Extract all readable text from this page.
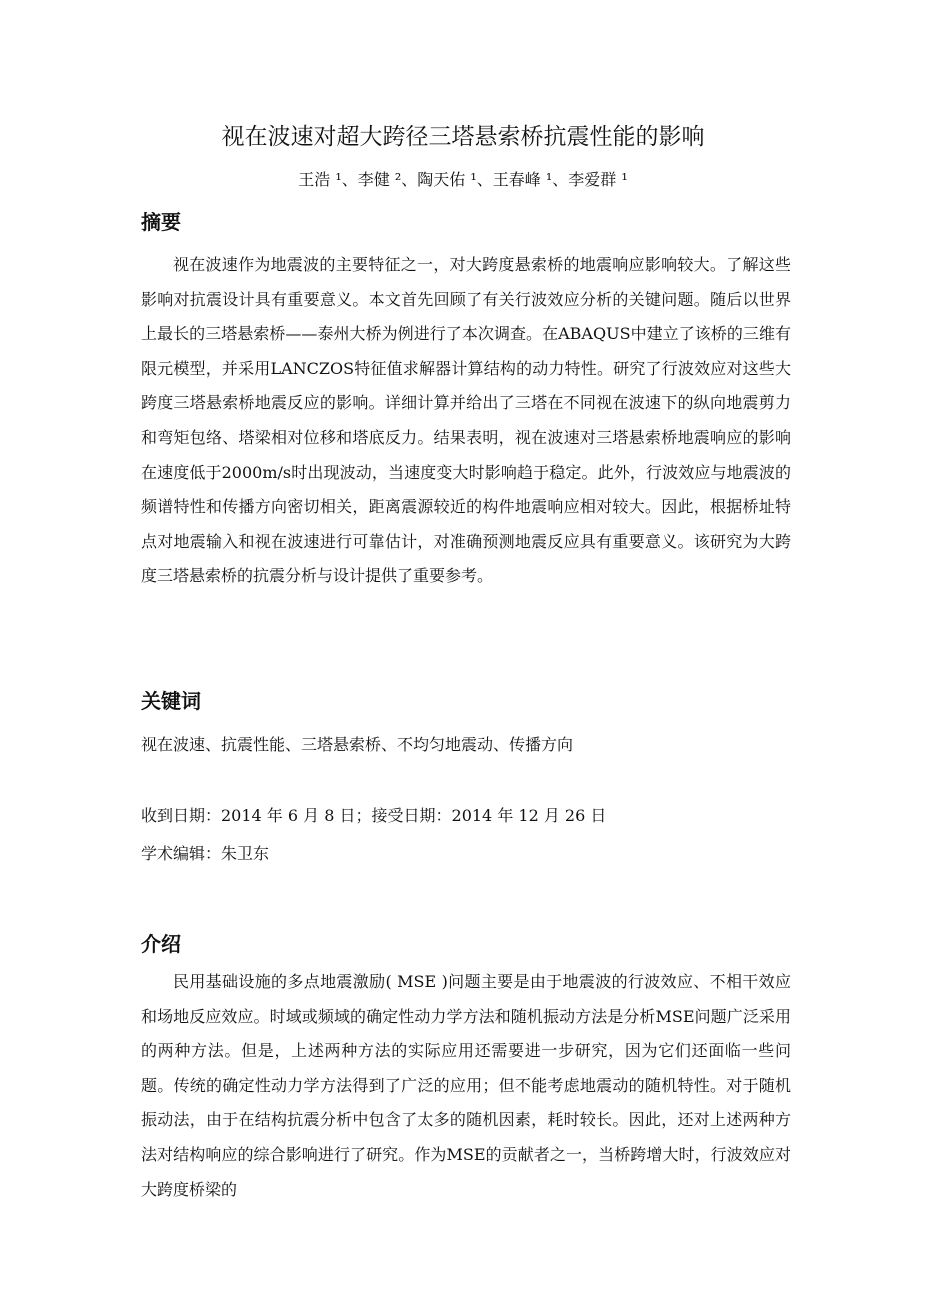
视在波速对超大跨径三塔悬索桥抗震性能的影响
王浩 ¹、李健 ²、陶天佑 ¹、王春峰 ¹、李爱群 ¹
摘要

视在波速作为地震波的主要特征之一，对大跨度悬索桥的地震响应影响较大。了解这些影响对抗震设计具有重要意义。本文首先回顾了有关行波效应分析的关键问题。随后以世界上最长的三塔悬索桥——泰州大桥为例进行了本次调查。在ABAQUS中建立了该桥的三维有限元模型，并采用LANCZOS特征值求解器计算结构的动力特性。研究了行波效应对这些大跨度三塔悬索桥地震反应的影响。详细计算并给出了三塔在不同视在波速下的纵向地震剪力和弯矩包络、塔梁相对位移和塔底反力。结果表明，视在波速对三塔悬索桥地震响应的影响在速度低于2000m/s时出现波动，当速度变大时影响趋于稳定。此外，行波效应与地震波的频谱特性和传播方向密切相关，距离震源较近的构件地震响应相对较大。因此，根据桥址特点对地震输入和视在波速进行可靠估计，对准确预测地震反应具有重要意义。该研究为大跨度三塔悬索桥的抗震分析与设计提供了重要参考。

关键词
视在波速、抗震性能、三塔悬索桥、不均匀地震动、传播方向
收到日期：2014 年 6 月 8 日；接受日期：2014 年 12 月 26 日
学术编辑：朱卫东
介绍

民用基础设施的多点地震激励( MSE )问题主要是由于地震波的行波效应、不相干效应和场地反应效应。时域或频域的确定性动力学方法和随机振动方法是分析MSE问题广泛采用的两种方法。但是，上述两种方法的实际应用还需要进一步研究，因为它们还面临一些问题。传统的确定性动力学方法得到了广泛的应用；但不能考虑地震动的随机特性。对于随机振动法，由于在结构抗震分析中包含了太多的随机因素，耗时较长。因此，还对上述两种方法对结构响应的综合影响进行了研究。作为MSE的贡献者之一，当桥跨增大时，行波效应对大跨度桥梁的
